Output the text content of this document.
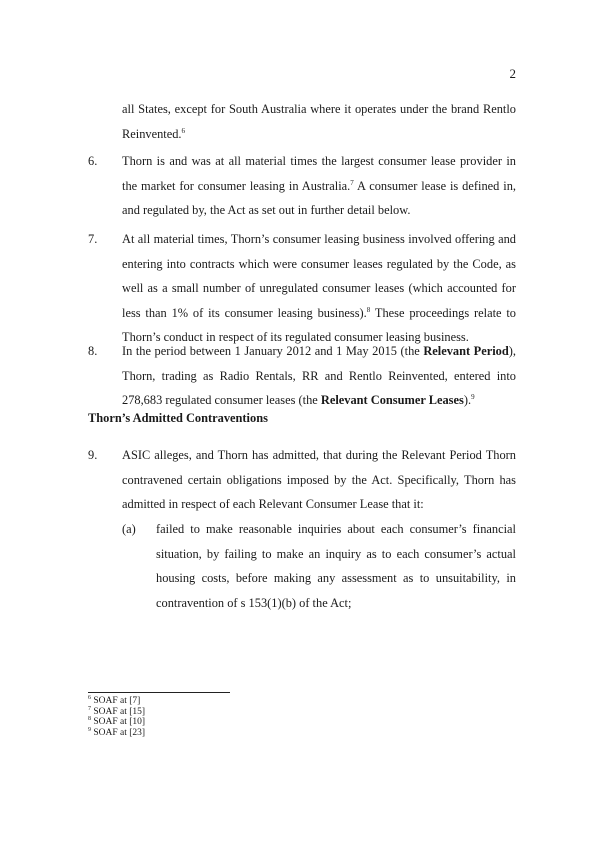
2
all States, except for South Australia where it operates under the brand Rentlo Reinvented.$^6$
6. Thorn is and was at all material times the largest consumer lease provider in the market for consumer leasing in Australia.$^7$ A consumer lease is defined in, and regulated by, the Act as set out in further detail below.
7. At all material times, Thorn’s consumer leasing business involved offering and entering into contracts which were consumer leases regulated by the Code, as well as a small number of unregulated consumer leases (which accounted for less than 1% of its consumer leasing business).$^8$ These proceedings relate to Thorn’s conduct in respect of its regulated consumer leasing business.
8. In the period between 1 January 2012 and 1 May 2015 (the Relevant Period), Thorn, trading as Radio Rentals, RR and Rentlo Reinvented, entered into 278,683 regulated consumer leases (the Relevant Consumer Leases).$^9$
Thorn’s Admitted Contraventions
9. ASIC alleges, and Thorn has admitted, that during the Relevant Period Thorn contravened certain obligations imposed by the Act. Specifically, Thorn has admitted in respect of each Relevant Consumer Lease that it:
(a) failed to make reasonable inquiries about each consumer’s financial situation, by failing to make an inquiry as to each consumer’s actual housing costs, before making any assessment as to unsuitability, in contravention of s 153(1)(b) of the Act;
$^6$ SOAF at [7]
$^7$ SOAF at [15]
$^8$ SOAF at [10]
$^9$ SOAF at [23]
